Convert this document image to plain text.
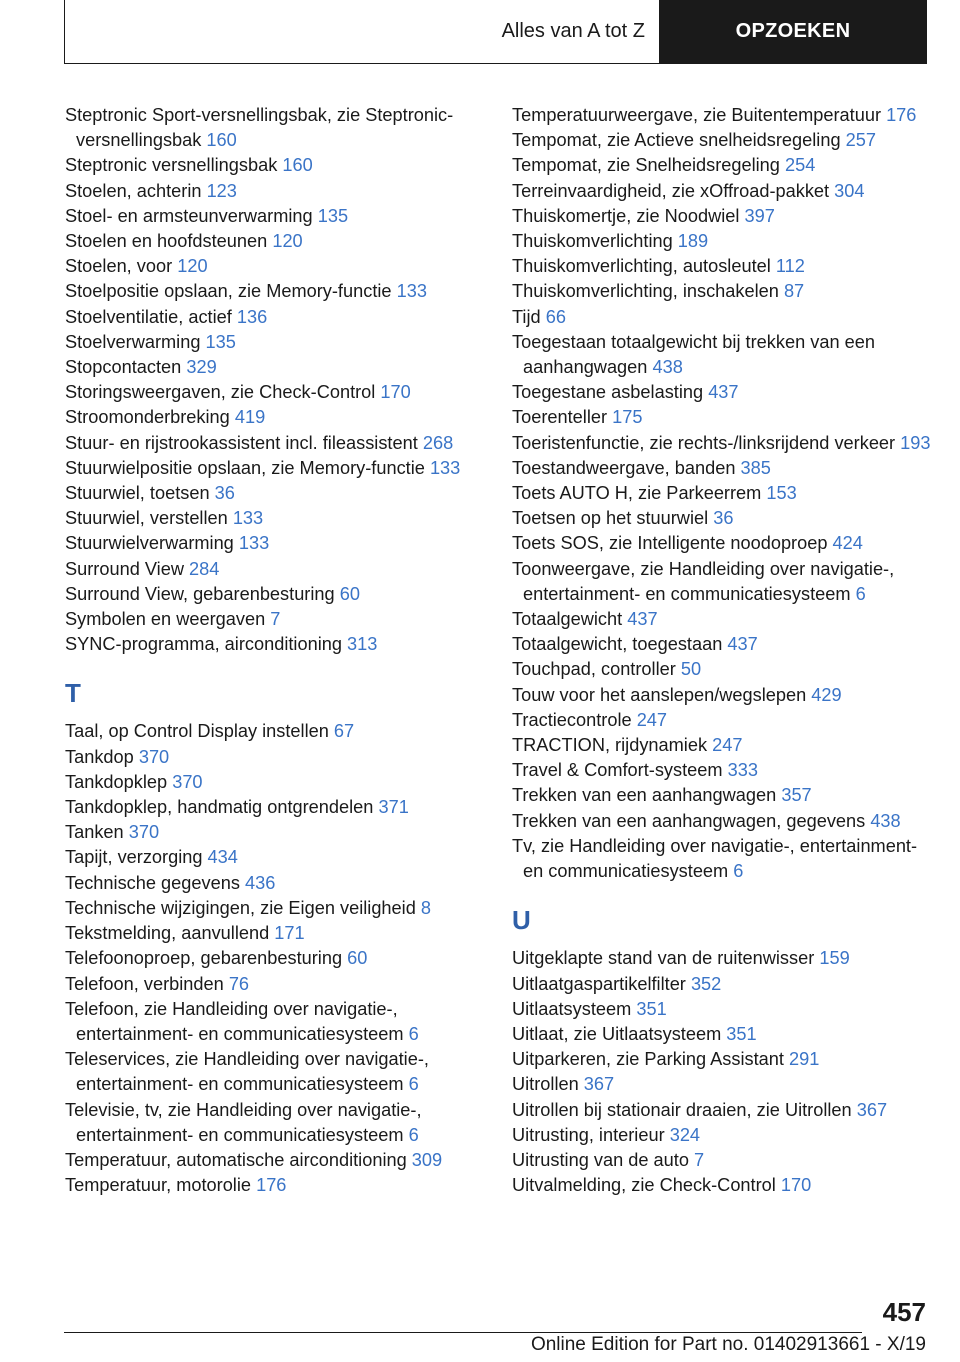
Alles van A tot Z	OPZOEKEN
Steptronic Sport-versnellingsbak, zie Steptronic-versnellingsbak 160
Steptronic versnellingsbak 160
Stoelen, achterin 123
Stoel- en armsteunverwarming 135
Stoelen en hoofdsteunen 120
Stoelen, voor 120
Stoelpositie opslaan, zie Memory-functie 133
Stoelventilatie, actief 136
Stoelverwarming 135
Stopcontacten 329
Storingsweergaven, zie Check-Control 170
Stroomonderbreking 419
Stuur- en rijstrookassistent incl. fileassistent 268
Stuurwielpositie opslaan, zie Memory-functie 133
Stuurwiel, toetsen 36
Stuurwiel, verstellen 133
Stuurwielverwarming 133
Surround View 284
Surround View, gebarenbesturing 60
Symbolen en weergaven 7
SYNC-programma, airconditioning 313
T
Taal, op Control Display instellen 67
Tankdop 370
Tankdopklep 370
Tankdopklep, handmatig ontgrendelen 371
Tanken 370
Tapijt, verzorging 434
Technische gegevens 436
Technische wijzigingen, zie Eigen veiligheid 8
Tekstmelding, aanvullend 171
Telefoonoproep, gebarenbesturing 60
Telefoon, verbinden 76
Telefoon, zie Handleiding over navigatie-, entertainment- en communicatiesysteem 6
Teleservices, zie Handleiding over navigatie-, entertainment- en communicatiesysteem 6
Televisie, tv, zie Handleiding over navigatie-, entertainment- en communicatiesysteem 6
Temperatuur, automatische airconditioning 309
Temperatuur, motorolie 176
Temperatuurweergave, zie Buitentemperatuur 176
Tempomat, zie Actieve snelheidsregeling 257
Tempomat, zie Snelheidsregeling 254
Terreinvaardigheid, zie xOffroad-pakket 304
Thuiskomertje, zie Noodwiel 397
Thuiskomverlichting 189
Thuiskomverlichting, autosleutel 112
Thuiskomverlichting, inschakelen 87
Tijd 66
Toegestaan totaalgewicht bij trekken van een aanhangwagen 438
Toegestane asbelasting 437
Toerenteller 175
Toeristenfunctie, zie rechts-/linksrijdend verkeer 193
Toestandweergave, banden 385
Toets AUTO H, zie Parkeerrem 153
Toetsen op het stuurwiel 36
Toets SOS, zie Intelligente noodoproep 424
Toonweergave, zie Handleiding over navigatie-, entertainment- en communicatiesysteem 6
Totaalgewicht 437
Totaalgewicht, toegestaan 437
Touchpad, controller 50
Touw voor het aanslepen/wegslepen 429
Tractiecontrole 247
TRACTION, rijdynamiek 247
Travel & Comfort-systeem 333
Trekken van een aanhangwagen 357
Trekken van een aanhangwagen, gegevens 438
Tv, zie Handleiding over navigatie-, entertainment- en communicatiesysteem 6
U
Uitgeklapte stand van de ruitenwisser 159
Uitlaatgaspartikelfilter 352
Uitlaatsysteem 351
Uitlaat, zie Uitlaatsysteem 351
Uitparkeren, zie Parking Assistant 291
Uitrollen 367
Uitrollen bij stationair draaien, zie Uitrollen 367
Uitrusting, interieur 324
Uitrusting van de auto 7
Uitvalmelding, zie Check-Control 170
457
Online Edition for Part no. 01402913661 - X/19
